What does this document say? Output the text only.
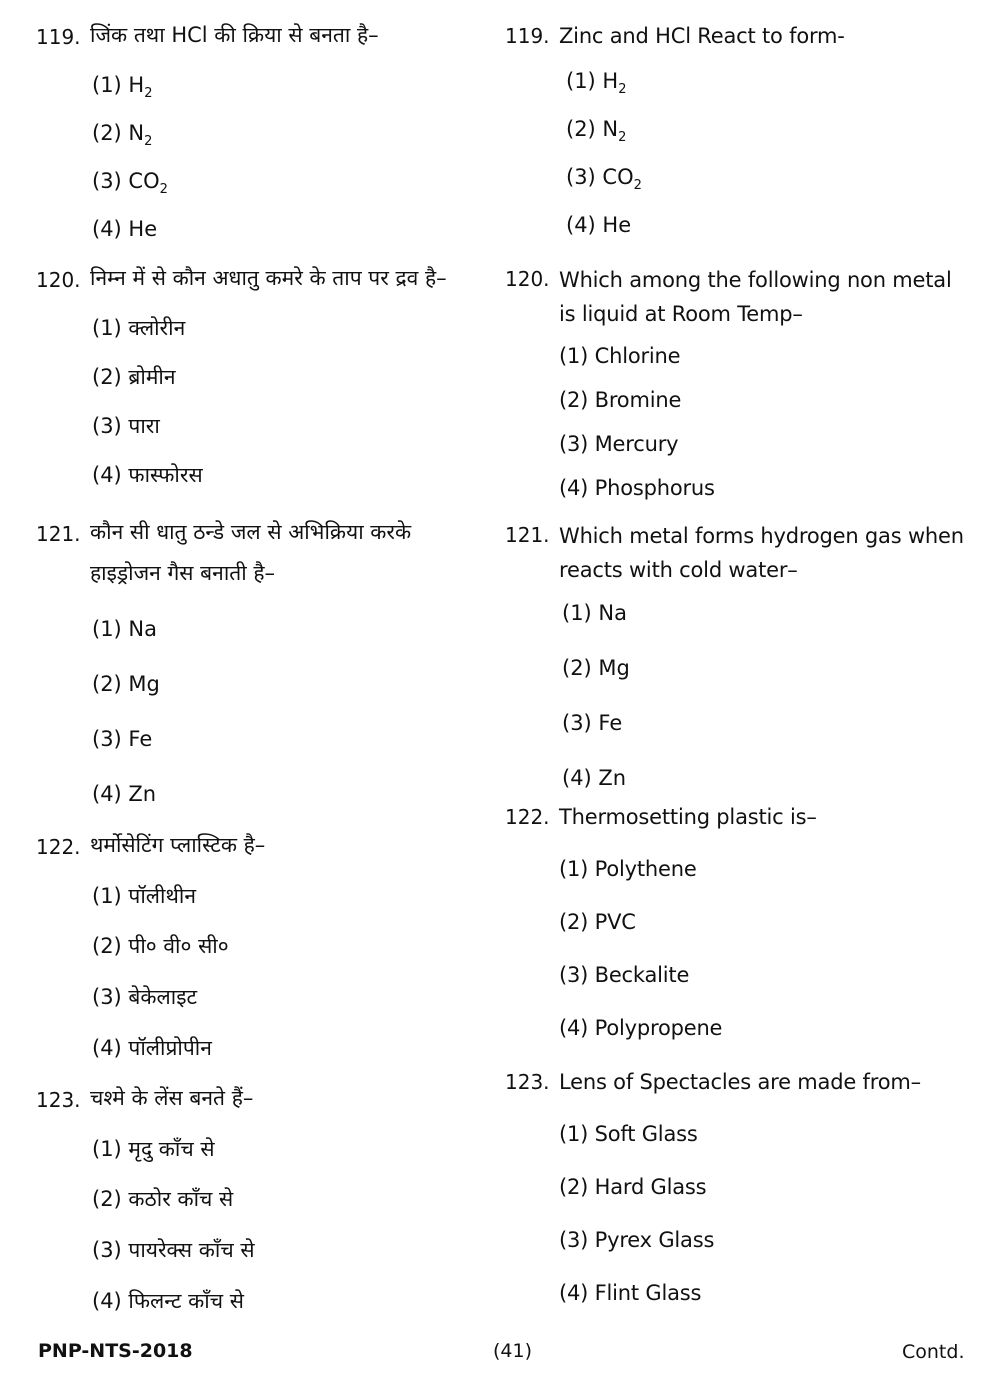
119. जिंक तथा HCl की क्रिया से बनता है–
(1) $H_2$
(2) $N_2$
(3) $CO_2$
(4) He
120. निम्न में से कौन अधातु कमरे के ताप पर द्रव है–
(1) क्लोरीन
(2) ब्रोमीन
(3) पारा
(4) फास्फोरस
121. कौन सी धातु ठन्डे जल से अभिक्रिया करके
हाइड्रोजन गैस बनाती है–
(1) Na
(2) Mg
(3) Fe
(4) Zn
122. थर्मोसेटिंग प्लास्टिक है–
(1) पॉलीथीन
(2) पी० वी० सी०
(3) बेकेलाइट
(4) पॉलीप्रोपीन
123. चश्मे के लेंस बनते हैं–
(1) मृदु काँच से
(2) कठोर काँच से
(3) पायरेक्स काँच से
(4) फिलन्ट काँच से
119. Zinc and HCl React to form-
(1) $H_2$
(2) $N_2$
(3) $CO_2$
(4) He
120. Which among the following non metal is liquid at Room Temp–
(1) Chlorine
(2) Bromine
(3) Mercury
(4) Phosphorus
121. Which metal forms hydrogen gas when reacts with cold water–
(1) Na
(2) Mg
(3) Fe
(4) Zn
122. Thermosetting plastic is–
(1) Polythene
(2) PVC
(3) Beckalite
(4) Polypropene
123. Lens of Spectacles are made from–
(1) Soft Glass
(2) Hard Glass
(3) Pyrex Glass
(4) Flint Glass
PNP-NTS-2018	(41)	Contd.
